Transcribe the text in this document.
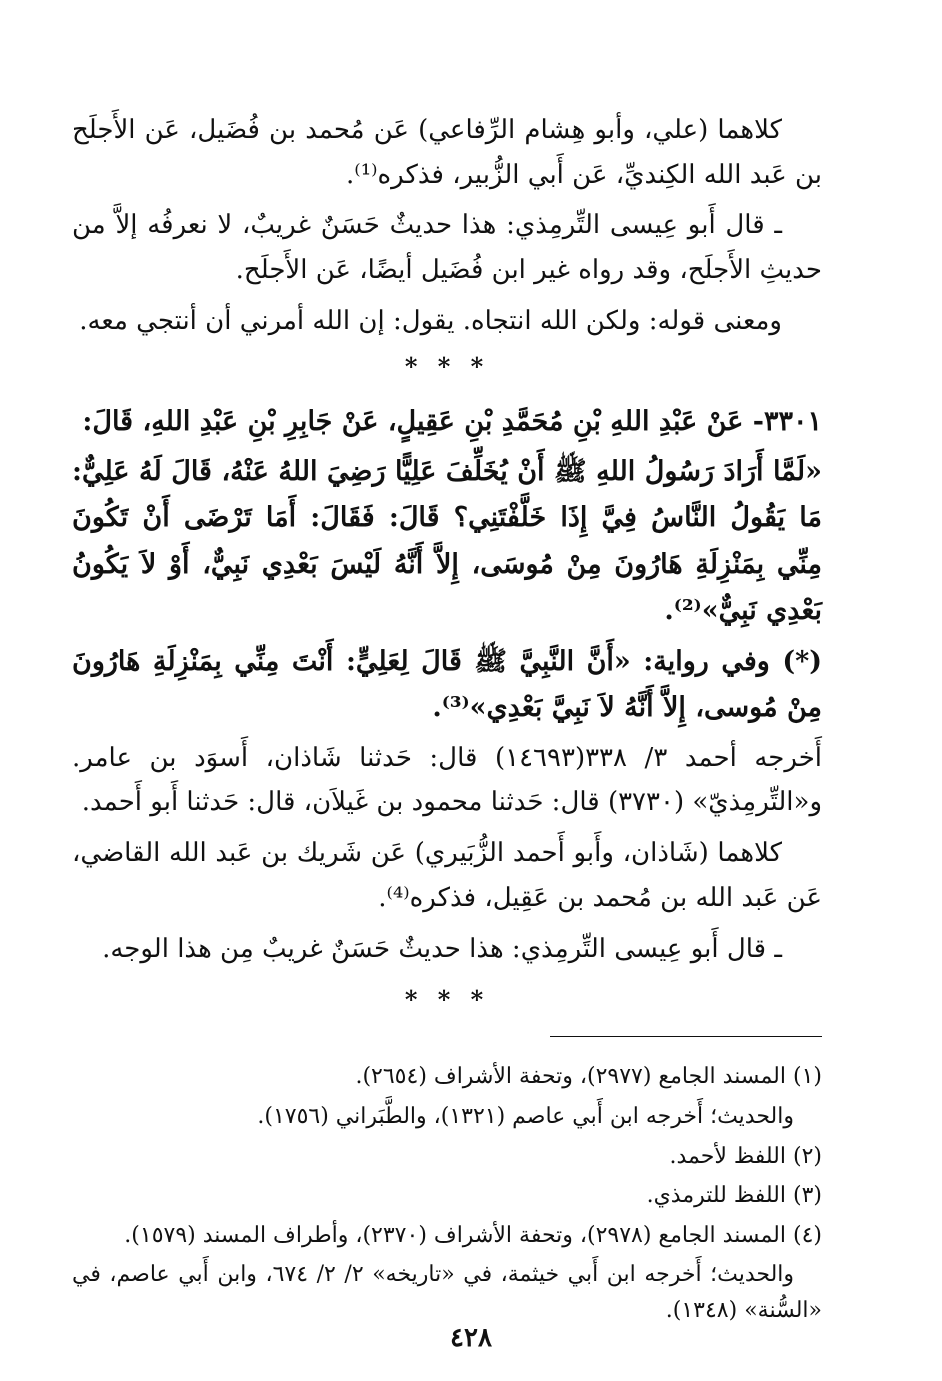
كلاهما (علي، وأبو هِشام الرِّفاعي) عَن مُحمد بن فُضَيل، عَن الأَجلَح بن عَبد الله الكِنديِّ، عَن أَبي الزُّبير، فذكره⁽¹⁾.

ـ قال أَبو عِيسى التِّرمِذي: هذا حديثٌ حَسَنٌ غريبٌ، لا نعرفُه إلاَّ من حديثِ الأَجلَح، وقد رواه غير ابن فُضَيل أيضًا، عَن الأَجلَح.

ومعنى قوله: ولكن الله انتجاه. يقول: إن الله أمرني أن أنتجي معه.

* * *

٣٣٠١- عَنْ عَبْدِ اللهِ بْنِ مُحَمَّدِ بْنِ عَقِيلٍ، عَنْ جَابِرِ بْنِ عَبْدِ اللهِ، قَالَ:

«لَمَّا أَرَادَ رَسُولُ اللهِ ﷺ أَنْ يُخَلِّفَ عَلِيًّا رَضِيَ اللهُ عَنْهُ، قَالَ لَهُ عَلِيٌّ: مَا يَقُولُ النَّاسُ فِيَّ إِذَا خَلَّفْتَنِي؟ قَالَ: فَقَالَ: أَمَا تَرْضَى أَنْ تَكُونَ مِنِّي بِمَنْزِلَةِ هَارُونَ مِنْ مُوسَى، إِلاَّ أَنَّهُ لَيْسَ بَعْدِي نَبِيٌّ، أَوْ لاَ يَكُونُ بَعْدِي نَبِيٌّ»⁽²⁾.

(*) وفي رواية: «أَنَّ النَّبِيَّ ﷺ قَالَ لِعَلِيٍّ: أَنْتَ مِنِّي بِمَنْزِلَةِ هَارُونَ مِنْ مُوسى، إِلاَّ أَنَّهُ لاَ نَبِيَّ بَعْدِي»⁽³⁾.

أَخرجه أحمد ٣/ ٣٣٨(١٤٦٩٣) قال: حَدثنا شَاذان، أَسوَد بن عامر. و«التِّرمِذيّ» (٣٧٣٠) قال: حَدثنا محمود بن غَيلاَن، قال: حَدثنا أَبو أَحمد.

كلاهما (شَاذان، وأَبو أَحمد الزُّبَيري) عَن شَريك بن عَبد الله القاضي، عَن عَبد الله بن مُحمد بن عَقِيل، فذكره⁽⁴⁾.

ـ قال أَبو عِيسى التِّرمِذي: هذا حديثٌ حَسَنٌ غريبٌ مِن هذا الوجه.

* * *

(١) المسند الجامع (٢٩٧٧)، وتحفة الأشراف (٢٦٥٤).

والحديث؛ أَخرجه ابن أَبي عاصم (١٣٢١)، والطَّبَراني (١٧٥٦).

(٢) اللفظ لأحمد.

(٣) اللفظ للترمذي.

(٤) المسند الجامع (٢٩٧٨)، وتحفة الأشراف (٢٣٧٠)، وأطراف المسند (١٥٧٩).

والحديث؛ أَخرجه ابن أَبي خيثمة، في «تاريخه» ٢/ ٢/ ٦٧٤، وابن أَبي عاصم، في «السُّنة» (١٣٤٨).

٤٢٨
